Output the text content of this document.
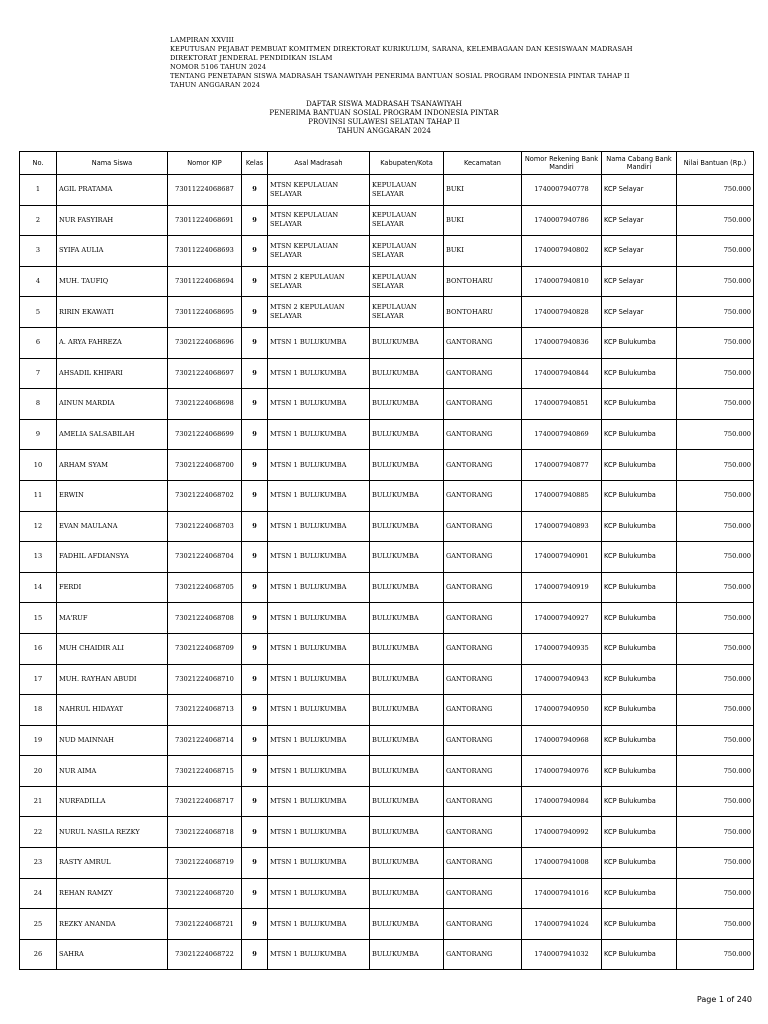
LAMPIRAN XXVIII
KEPUTUSAN PEJABAT PEMBUAT KOMITMEN DIREKTORAT KURIKULUM, SARANA, KELEMBAGAAN DAN KESISWAAN MADRASAH
DIREKTORAT JENDERAL PENDIDIKAN ISLAM
NOMOR 5106 TAHUN 2024
TENTANG PENETAPAN SISWA MADRASAH TSANAWIYAH PENERIMA BANTUAN SOSIAL PROGRAM INDONESIA PINTAR TAHAP II
TAHUN ANGGARAN 2024
DAFTAR SISWA MADRASAH TSANAWIYAH
PENERIMA BANTUAN SOSIAL PROGRAM INDONESIA PINTAR
PROVINSI SULAWESI SELATAN TAHAP II
TAHUN ANGGARAN 2024
No.	Nama Siswa	Nomor KIP	Kelas	Asal Madrasah	Kabupaten/Kota	Kecamatan	Nomor Rekening Bank Mandiri	Nama Cabang Bank Mandiri	Nilai Bantuan (Rp.)
1	AGIL PRATAMA	73011224068687	9	MTSN KEPULAUAN SELAYAR	KEPULAUAN SELAYAR	BUKI	1740007940778	KCP Selayar	750.000
2	NUR FASYIRAH	73011224068691	9	MTSN KEPULAUAN SELAYAR	KEPULAUAN SELAYAR	BUKI	1740007940786	KCP Selayar	750.000
3	SYIFA AULIA	73011224068693	9	MTSN KEPULAUAN SELAYAR	KEPULAUAN SELAYAR	BUKI	1740007940802	KCP Selayar	750.000
4	MUH. TAUFIQ	73011224068694	9	MTSN 2 KEPULAUAN SELAYAR	KEPULAUAN SELAYAR	BONTOHARU	1740007940810	KCP Selayar	750.000
5	RIRIN EKAWATI	73011224068695	9	MTSN 2 KEPULAUAN SELAYAR	KEPULAUAN SELAYAR	BONTOHARU	1740007940828	KCP Selayar	750.000
6	A. ARYA FAHREZA	73021224068696	9	MTSN 1 BULUKUMBA	BULUKUMBA	GANTORANG	1740007940836	KCP Bulukumba	750.000
7	AHSADIL KHIFARI	73021224068697	9	MTSN 1 BULUKUMBA	BULUKUMBA	GANTORANG	1740007940844	KCP Bulukumba	750.000
8	AINUN MARDIA	73021224068698	9	MTSN 1 BULUKUMBA	BULUKUMBA	GANTORANG	1740007940851	KCP Bulukumba	750.000
9	AMELIA SALSABILAH	73021224068699	9	MTSN 1 BULUKUMBA	BULUKUMBA	GANTORANG	1740007940869	KCP Bulukumba	750.000
10	ARHAM SYAM	73021224068700	9	MTSN 1 BULUKUMBA	BULUKUMBA	GANTORANG	1740007940877	KCP Bulukumba	750.000
11	ERWIN	73021224068702	9	MTSN 1 BULUKUMBA	BULUKUMBA	GANTORANG	1740007940885	KCP Bulukumba	750.000
12	EVAN MAULANA	73021224068703	9	MTSN 1 BULUKUMBA	BULUKUMBA	GANTORANG	1740007940893	KCP Bulukumba	750.000
13	FADHIL AFDIANSYA	73021224068704	9	MTSN 1 BULUKUMBA	BULUKUMBA	GANTORANG	1740007940901	KCP Bulukumba	750.000
14	FERDI	73021224068705	9	MTSN 1 BULUKUMBA	BULUKUMBA	GANTORANG	1740007940919	KCP Bulukumba	750.000
15	MA'RUF	73021224068708	9	MTSN 1 BULUKUMBA	BULUKUMBA	GANTORANG	1740007940927	KCP Bulukumba	750.000
16	MUH CHAIDIR ALI	73021224068709	9	MTSN 1 BULUKUMBA	BULUKUMBA	GANTORANG	1740007940935	KCP Bulukumba	750.000
17	MUH. RAYHAN ABUDI	73021224068710	9	MTSN 1 BULUKUMBA	BULUKUMBA	GANTORANG	1740007940943	KCP Bulukumba	750.000
18	NAHRUL HIDAYAT	73021224068713	9	MTSN 1 BULUKUMBA	BULUKUMBA	GANTORANG	1740007940950	KCP Bulukumba	750.000
19	NUD MAINNAH	73021224068714	9	MTSN 1 BULUKUMBA	BULUKUMBA	GANTORANG	1740007940968	KCP Bulukumba	750.000
20	NUR AIMA	73021224068715	9	MTSN 1 BULUKUMBA	BULUKUMBA	GANTORANG	1740007940976	KCP Bulukumba	750.000
21	NURFADILLA	73021224068717	9	MTSN 1 BULUKUMBA	BULUKUMBA	GANTORANG	1740007940984	KCP Bulukumba	750.000
22	NURUL NASILA REZKY	73021224068718	9	MTSN 1 BULUKUMBA	BULUKUMBA	GANTORANG	1740007940992	KCP Bulukumba	750.000
23	RASTY AMRUL	73021224068719	9	MTSN 1 BULUKUMBA	BULUKUMBA	GANTORANG	1740007941008	KCP Bulukumba	750.000
24	REHAN RAMZY	73021224068720	9	MTSN 1 BULUKUMBA	BULUKUMBA	GANTORANG	1740007941016	KCP Bulukumba	750.000
25	REZKY ANANDA	73021224068721	9	MTSN 1 BULUKUMBA	BULUKUMBA	GANTORANG	1740007941024	KCP Bulukumba	750.000
26	SAHRA	73021224068722	9	MTSN 1 BULUKUMBA	BULUKUMBA	GANTORANG	1740007941032	KCP Bulukumba	750.000
Page 1 of 240
